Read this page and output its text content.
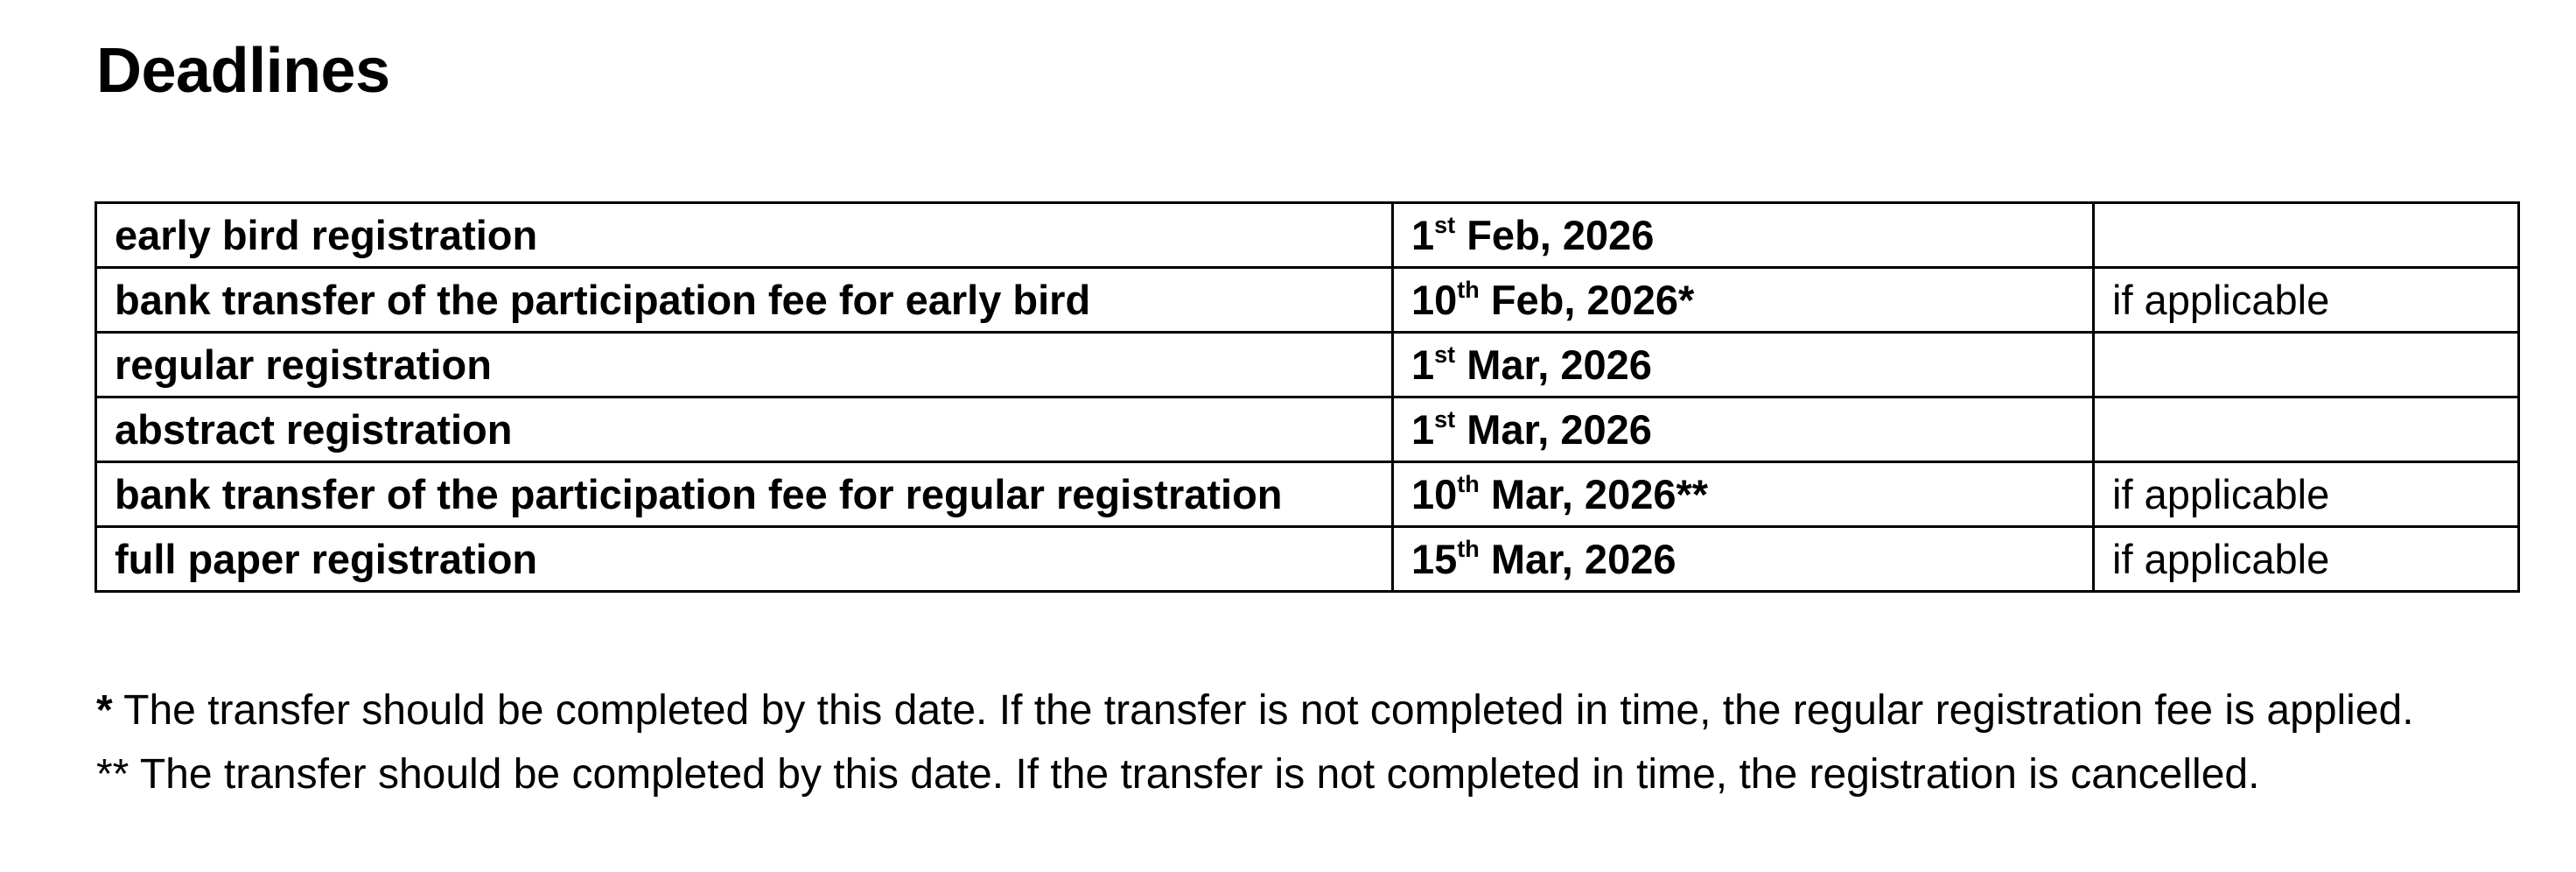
Deadlines
early bird registration	1st Feb, 2026	
bank transfer of the participation fee for early bird	10th Feb, 2026*	if applicable
regular registration	1st Mar, 2026	
abstract registration	1st Mar, 2026	
bank transfer of the participation fee for regular registration	10th Mar, 2026**	if applicable
full paper registration	15th Mar, 2026	if applicable
* The transfer should be completed by this date. If the transfer is not completed in time, the regular registration fee is applied.
** The transfer should be completed by this date. If the transfer is not completed in time, the registration is cancelled.
